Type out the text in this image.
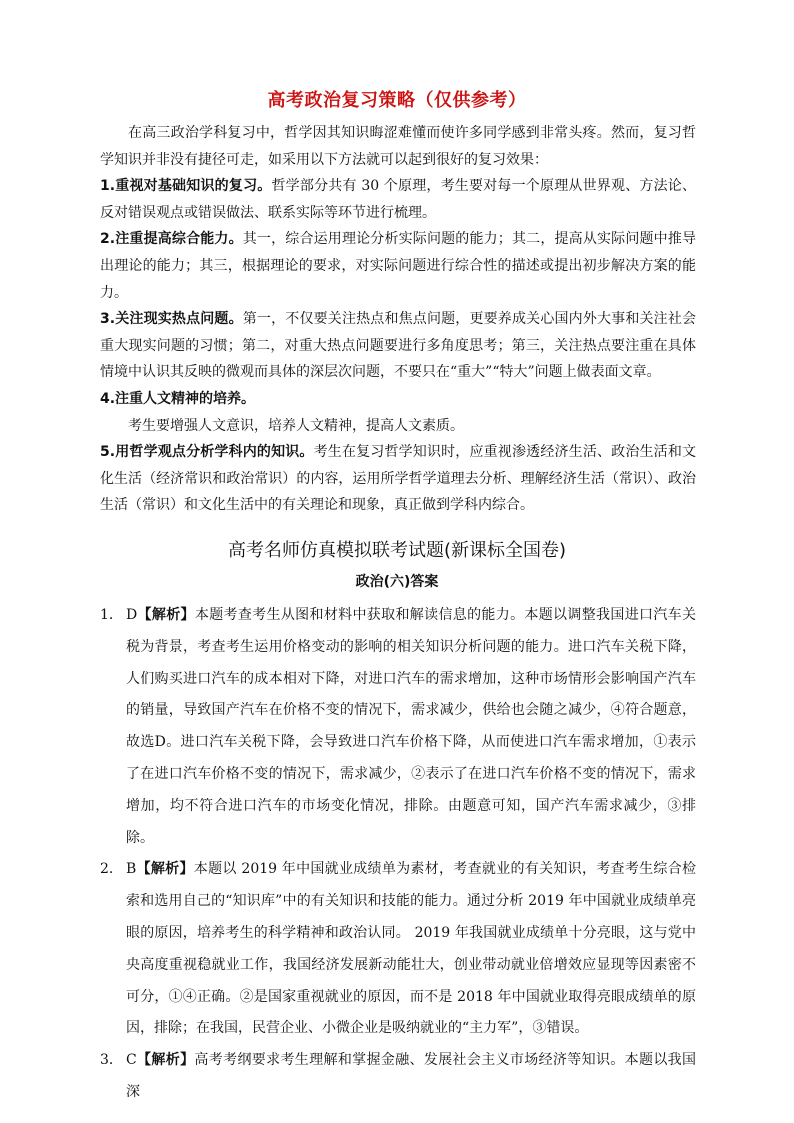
高考政治复习策略（仅供参考）

在高三政治学科复习中，哲学因其知识晦涩难懂而使许多同学感到非常头疼。然而，复习哲学知识并非没有捷径可走，如采用以下方法就可以起到很好的复习效果：

1.重视对基础知识的复习。哲学部分共有 30 个原理，考生要对每一个原理从世界观、方法论、反对错误观点或错误做法、联系实际等环节进行梳理。

2.注重提高综合能力。其一，综合运用理论分析实际问题的能力；其二，提高从实际问题中推导出理论的能力；其三，根据理论的要求，对实际问题进行综合性的描述或提出初步解决方案的能力。

3.关注现实热点问题。第一，不仅要关注热点和焦点问题，更要养成关心国内外大事和关注社会重大现实问题的习惯；第二，对重大热点问题要进行多角度思考；第三，关注热点要注重在具体情境中认识其反映的微观而具体的深层次问题，不要只在“重大”“特大”问题上做表面文章。

4.注重人文精神的培养。

考生要增强人文意识，培养人文精神，提高人文素质。

5.用哲学观点分析学科内的知识。考生在复习哲学知识时，应重视渗透经济生活、政治生活和文化生活（经济常识和政治常识）的内容，运用所学哲学道理去分析、理解经济生活（常识）、政治生活（常识）和文化生活中的有关理论和现象，真正做到学科内综合。

高考名师仿真模拟联考试题(新课标全国卷)
政治(六)答案

1． D【解析】本题考查考生从图和材料中获取和解读信息的能力。本题以调整我国进口汽车关税为背景，考查考生运用价格变动的影响的相关知识分析问题的能力。进口汽车关税下降，人们购买进口汽车的成本相对下降，对进口汽车的需求增加，这种市场情形会影响国产汽车的销量，导致国产汽车在价格不变的情况下，需求减少，供给也会随之减少，④符合题意，故选D。进口汽车关税下降，会导致进口汽车价格下降，从而使进口汽车需求增加，①表示了在进口汽车价格不变的情况下，需求减少，②表示了在进口汽车价格不变的情况下，需求增加，均不符合进口汽车的市场变化情况，排除。由题意可知，国产汽车需求减少，③排除。

2． B【解析】本题以 2019 年中国就业成绩单为素材，考查就业的有关知识，考查考生综合检索和选用自己的“知识库”中的有关知识和技能的能力。通过分析 2019 年中国就业成绩单亮眼的原因，培养考生的科学精神和政治认同。 2019 年我国就业成绩单十分亮眼，这与党中央高度重视稳就业工作，我国经济发展新动能壮大，创业带动就业倍增效应显现等因素密不可分，①④正确。②是国家重视就业的原因，而不是 2018 年中国就业取得亮眼成绩单的原因，排除；在我国，民营企业、小微企业是吸纳就业的“主力军”，③错误。

3． C【解析】高考考纲要求考生理解和掌握金融、发展社会主义市场经济等知识。本题以我国深
